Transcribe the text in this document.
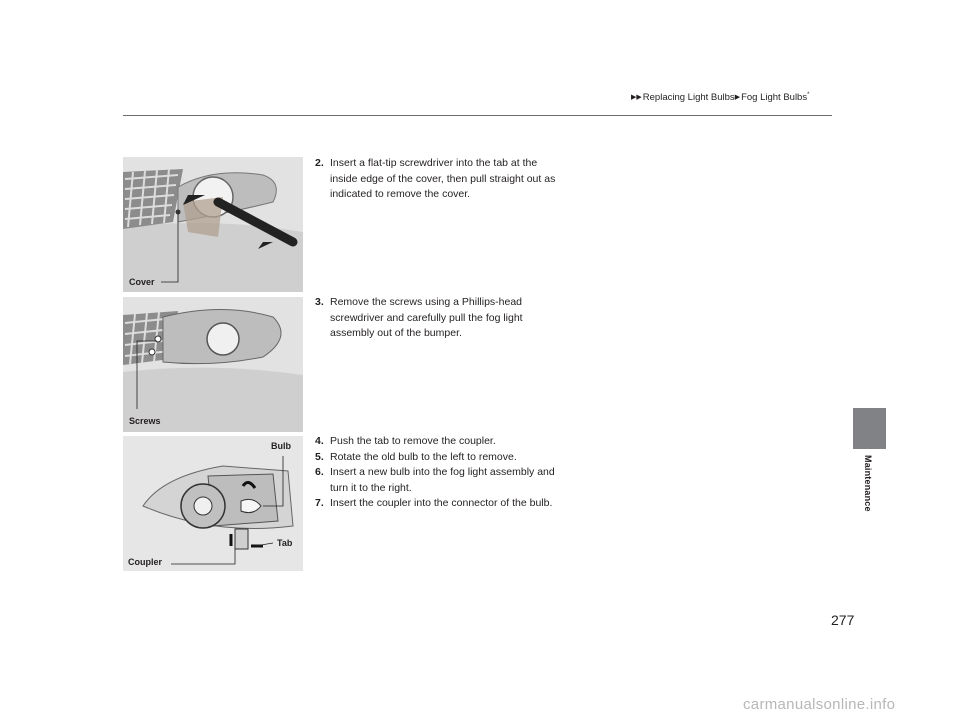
▶▶Replacing Light Bulbs▶Fog Light Bulbs*
Maintenance
Cover
Screws
Bulb
Tab
Coupler
2. Insert a flat-tip screwdriver into the tab at the inside edge of the cover, then pull straight out as indicated to remove the cover.
3. Remove the screws using a Phillips-head screwdriver and carefully pull the fog light assembly out of the bumper.
4. Push the tab to remove the coupler.
5. Rotate the old bulb to the left to remove.
6. Insert a new bulb into the fog light assembly and turn it to the right.
7. Insert the coupler into the connector of the bulb.
277
carmanualsonline.info
